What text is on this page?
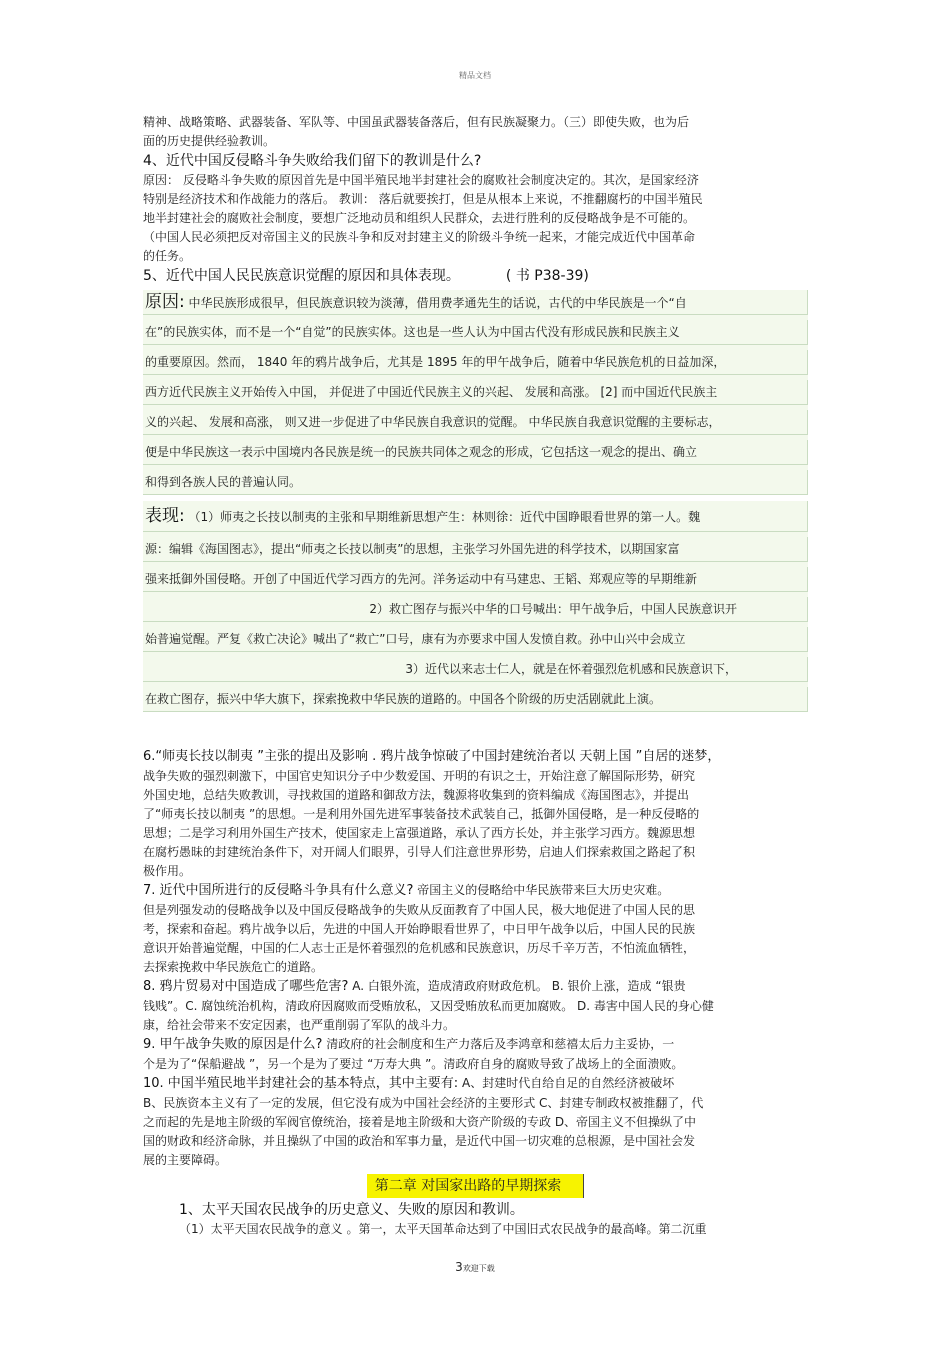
精品文档

精神、战略策略、武器装备、军队等、中国虽武器装备落后，但有民族凝聚力。（三）即使失败，也为后

面的历史提供经验教训。

4、近代中国反侵略斗争失败给我们留下的教训是什么?

原因： 反侵略斗争失败的原因首先是中国半殖民地半封建社会的腐败社会制度决定的。其次，是国家经济

特别是经济技术和作战能力的落后。 教训： 落后就要挨打，但是从根本上来说，不推翻腐朽的中国半殖民

地半封建社会的腐败社会制度，要想广泛地动员和组织人民群众，去进行胜利的反侵略战争是不可能的。

（中国人民必须把反对帝国主义的民族斗争和反对封建主义的阶级斗争统一起来，才能完成近代中国革命

的任务。

5、近代中国人民民族意识觉醒的原因和具体表现。	( 书 P38-39)

原因: 中华民族形成很早，但民族意识较为淡薄，借用费孝通先生的话说，古代的中华民族是一个“自
在”的民族实体，而不是一个“自觉”的民族实体。这也是一些人认为中国古代没有形成民族和民族主义
的重要原因。然而， 1840 年的鸦片战争后，尤其是 1895 年的甲午战争后，随着中华民族危机的日益加深，
西方近代民族主义开始传入中国， 并促进了中国近代民族主义的兴起、 发展和高涨。 [2] 而中国近代民族主
义的兴起、 发展和高涨， 则又进一步促进了中华民族自我意识的觉醒。 中华民族自我意识觉醒的主要标志，
便是中华民族这一表示中国境内各民族是统一的民族共同体之观念的形成，它包括这一观念的提出、确立
和得到各族人民的普遍认同。
表现: （1）师夷之长技以制夷的主张和早期维新思想产生：林则徐：近代中国睁眼看世界的第一人。魏
源：编辑《海国图志》，提出“师夷之长技以制夷”的思想，主张学习外国先进的科学技术，以期国家富
强来抵御外国侵略。开创了中国近代学习西方的先河。洋务运动中有马建忠、王韬、郑观应等的早期维新
2）救亡图存与振兴中华的口号喊出：甲午战争后，中国人民族意识开
始普遍觉醒。严复《救亡决论》喊出了“救亡”口号，康有为亦要求中国人发愤自救。孙中山兴中会成立
3）近代以来志士仁人，就是在怀着强烈危机感和民族意识下，
在救亡图存，振兴中华大旗下，探索挽救中华民族的道路的。中国各个阶级的历史活剧就此上演。

6.“师夷长技以制夷 ”主张的提出及影响 . 鸦片战争惊破了中国封建统治者以 天朝上国 ”自居的迷梦，

战争失败的强烈刺激下，中国官史知识分子中少数爱国、开明的有识之士，开始注意了解国际形势，研究

外国史地，总结失败教训，寻找救国的道路和御敌方法，魏源将收集到的资料编成《海国图志》，并提出

了“师夷长技以制夷 ”的思想。一是利用外国先进军事装备技术武装自己，抵御外国侵略，是一种反侵略的

思想；二是学习利用外国生产技术，使国家走上富强道路，承认了西方长处，并主张学习西方。魏源思想

在腐朽愚昧的封建统治条件下，对开阔人们眼界，引导人们注意世界形势，启迪人们探索救国之路起了积

极作用。

7. 近代中国所进行的反侵略斗争具有什么意义? 帝国主义的侵略给中华民族带来巨大历史灾难。

但是列强发动的侵略战争以及中国反侵略战争的失败从反面教育了中国人民，极大地促进了中国人民的思

考，探索和奋起。鸦片战争以后，先进的中国人开始睁眼看世界了，中日甲午战争以后，中国人民的民族

意识开始普遍觉醒，中国的仁人志士正是怀着强烈的危机感和民族意识，历尽千辛万苦，不怕流血牺牲，

去探索挽救中华民族危亡的道路。

8. 鸦片贸易对中国造成了哪些危害? A. 白银外流，造成清政府财政危机。 B. 银价上涨，造成 “银贵

钱贱”。C. 腐蚀统治机构，清政府因腐败而受贿放私，又因受贿放私而更加腐败。 D. 毒害中国人民的身心健

康，给社会带来不安定因素，也严重削弱了军队的战斗力。

9. 甲午战争失败的原因是什么? 清政府的社会制度和生产力落后及李鸿章和慈禧太后力主妥协，一

个是为了“保船避战 ”，另一个是为了要过 “万寿大典 ”。清政府自身的腐败导致了战场上的全面溃败。

10. 中国半殖民地半封建社会的基本特点，其中主要有: A、封建时代自给自足的自然经济被破坏

B、民族资本主义有了一定的发展，但它没有成为中国社会经济的主要形式 C、封建专制政权被推翻了，代

之而起的先是地主阶级的军阀官僚统治，接着是地主阶级和大资产阶级的专政 D、帝国主义不但操纵了中

国的财政和经济命脉，并且操纵了中国的政治和军事力量，是近代中国一切灾难的总根源，是中国社会发

展的主要障碍。

第二章 对国家出路的早期探索

1、太平天国农民战争的历史意义、失败的原因和教训。

（1）太平天国农民战争的意义 。第一，太平天国革命达到了中国旧式农民战争的最高峰。第二沉重

3欢迎下载
